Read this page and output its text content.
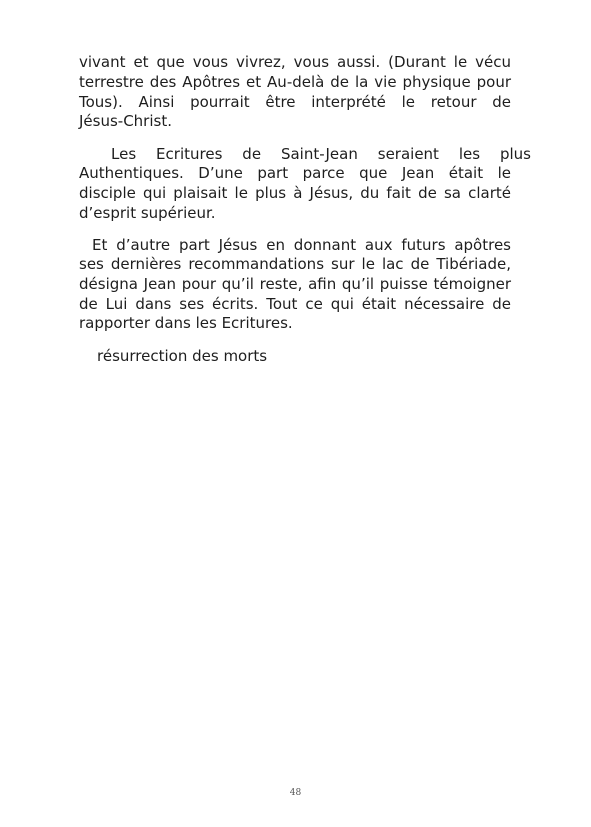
vivant et que vous vivrez, vous aussi. (Durant le vécu
terrestre des Apôtres et Au-delà de la vie physique pour
Tous). Ainsi pourrait être interprété le retour de
Jésus-Christ.
Les Ecritures de Saint-Jean seraient les plus
Authentiques. D’une part parce que Jean était le
disciple qui plaisait le plus à Jésus, du fait de sa clarté
d’esprit supérieur.
Et d’autre part Jésus en donnant aux futurs apôtres
ses dernières recommandations sur le lac de Tibériade,
désigna Jean pour qu’il reste, afin qu’il puisse témoigner
de Lui dans ses écrits. Tout ce qui était nécessaire de
rapporter dans les Ecritures.
résurrection des morts
48
